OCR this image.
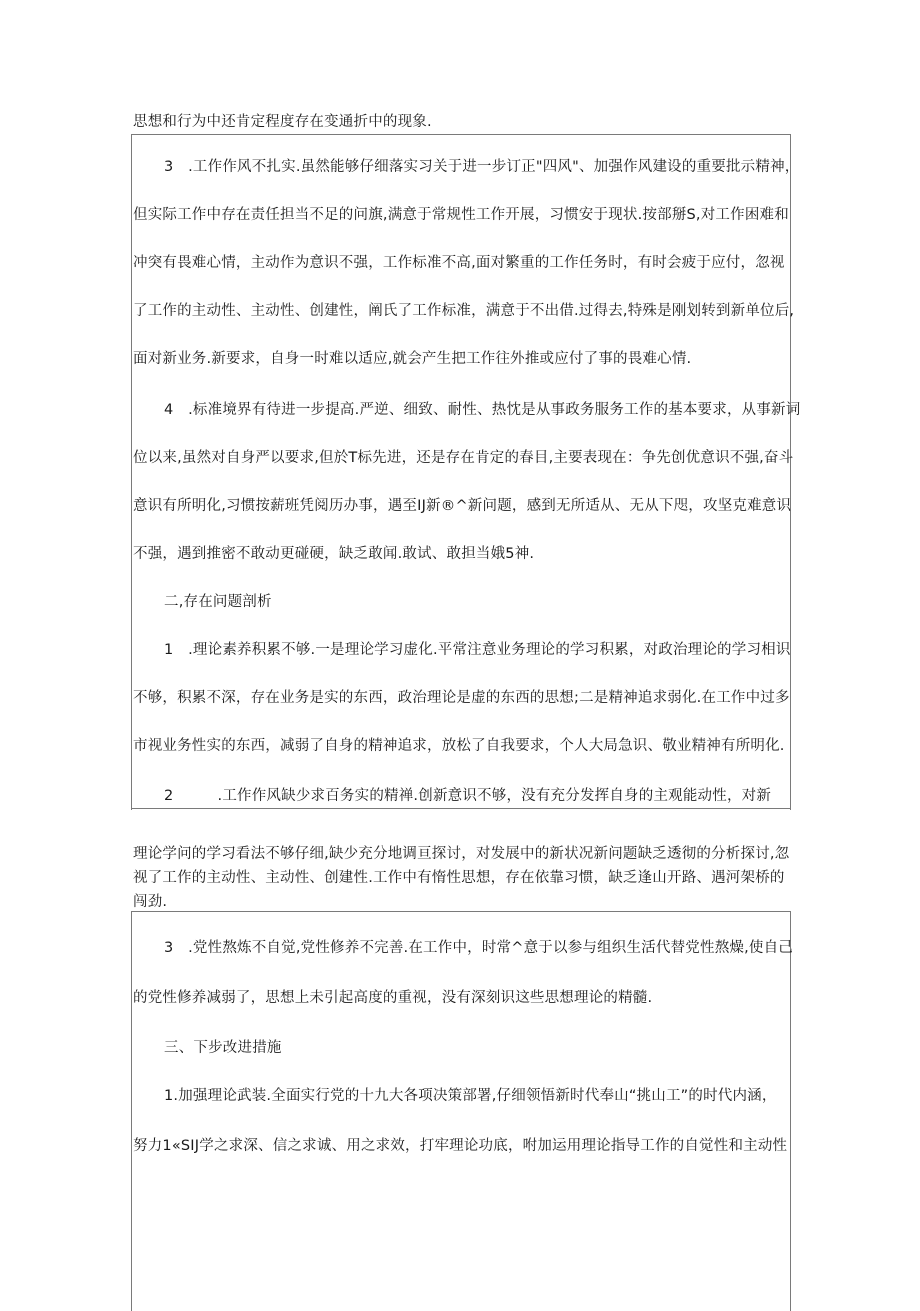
思想和行为中还肯定程度存在变通折中的现象.
3　.工作作风不扎实.虽然能够仔细落实习关于进一步订正"四风"、加强作风建设的重要批示精神，
但实际工作中存在责任担当不足的问旗,满意于常规性工作开展，习惯安于现状.按部掰S,对工作困难和
冲突有畏难心情，主动作为意识不强，工作标准不高,面对繁重的工作任务时，有时会疲于应付，忽视
了工作的主动性、主动性、创建性，阐氏了工作标准，满意于不出借.过得去,特殊是刚划转到新单位后,
面对新业务.新要求，自身一时难以适应,就会产生把工作往外推或应付了事的畏难心情.
4　.标准境界有待进一步提高.严逆、细致、耐性、热忱是从事政务服务工作的基本要求，从事新词
位以来,虽然对自身严以要求,但於T标先进，还是存在肯定的春目,主要表现在：争先创优意识不强,奋斗
意识有所明化,习惯按薪班凭阅历办事，遇至IJ新®^新问题，感到无所适从、无从下咫，攻坚克难意识
不强，遇到推密不敢动更碰硬，缺乏敢闻.敢试、敢担当娥5神.
二,存在问题剖析
1　.理论素养积累不够.一是理论学习虚化.平常注意业务理论的学习积累，对政治理论的学习相识
不够，积累不深，存在业务是实的东西，政治理论是虚的东西的思想;二是精神追求弱化.在工作中过多
市视业务性实的东西，减弱了自身的精神追求，放松了自我要求，个人大局急识、敬业精神有所明化.
2　　　.工作作风缺少求百务实的精禅.创新意识不够，没有充分发挥自身的主观能动性，对新
理论学问的学习看法不够仔细,缺少充分地调亘探讨，对发展中的新状况新问题缺乏透彻的分析探讨,忽
视了工作的主动性、主动性、创建性.工作中有惰性思想，存在依靠习惯，缺乏逢山开路、遇河架桥的
闯劲.
3　.党性熬炼不自觉,党性修养不完善.在工作中，时常^意于以参与组织生活代替党性熬燥,使自己
的党性修养减弱了，思想上未引起高度的重视，没有深刻识这些思想理论的精髓.
三、下步改进措施
1.加强理论武装.全面实行党的十九大各项决策部署,仔细领悟新时代奉山“挑山工”的时代内涵，
努力1«SIJ学之求深、信之求诚、用之求效，打牢理论功底，咐加运用理论指导工作的自觉性和主动性
